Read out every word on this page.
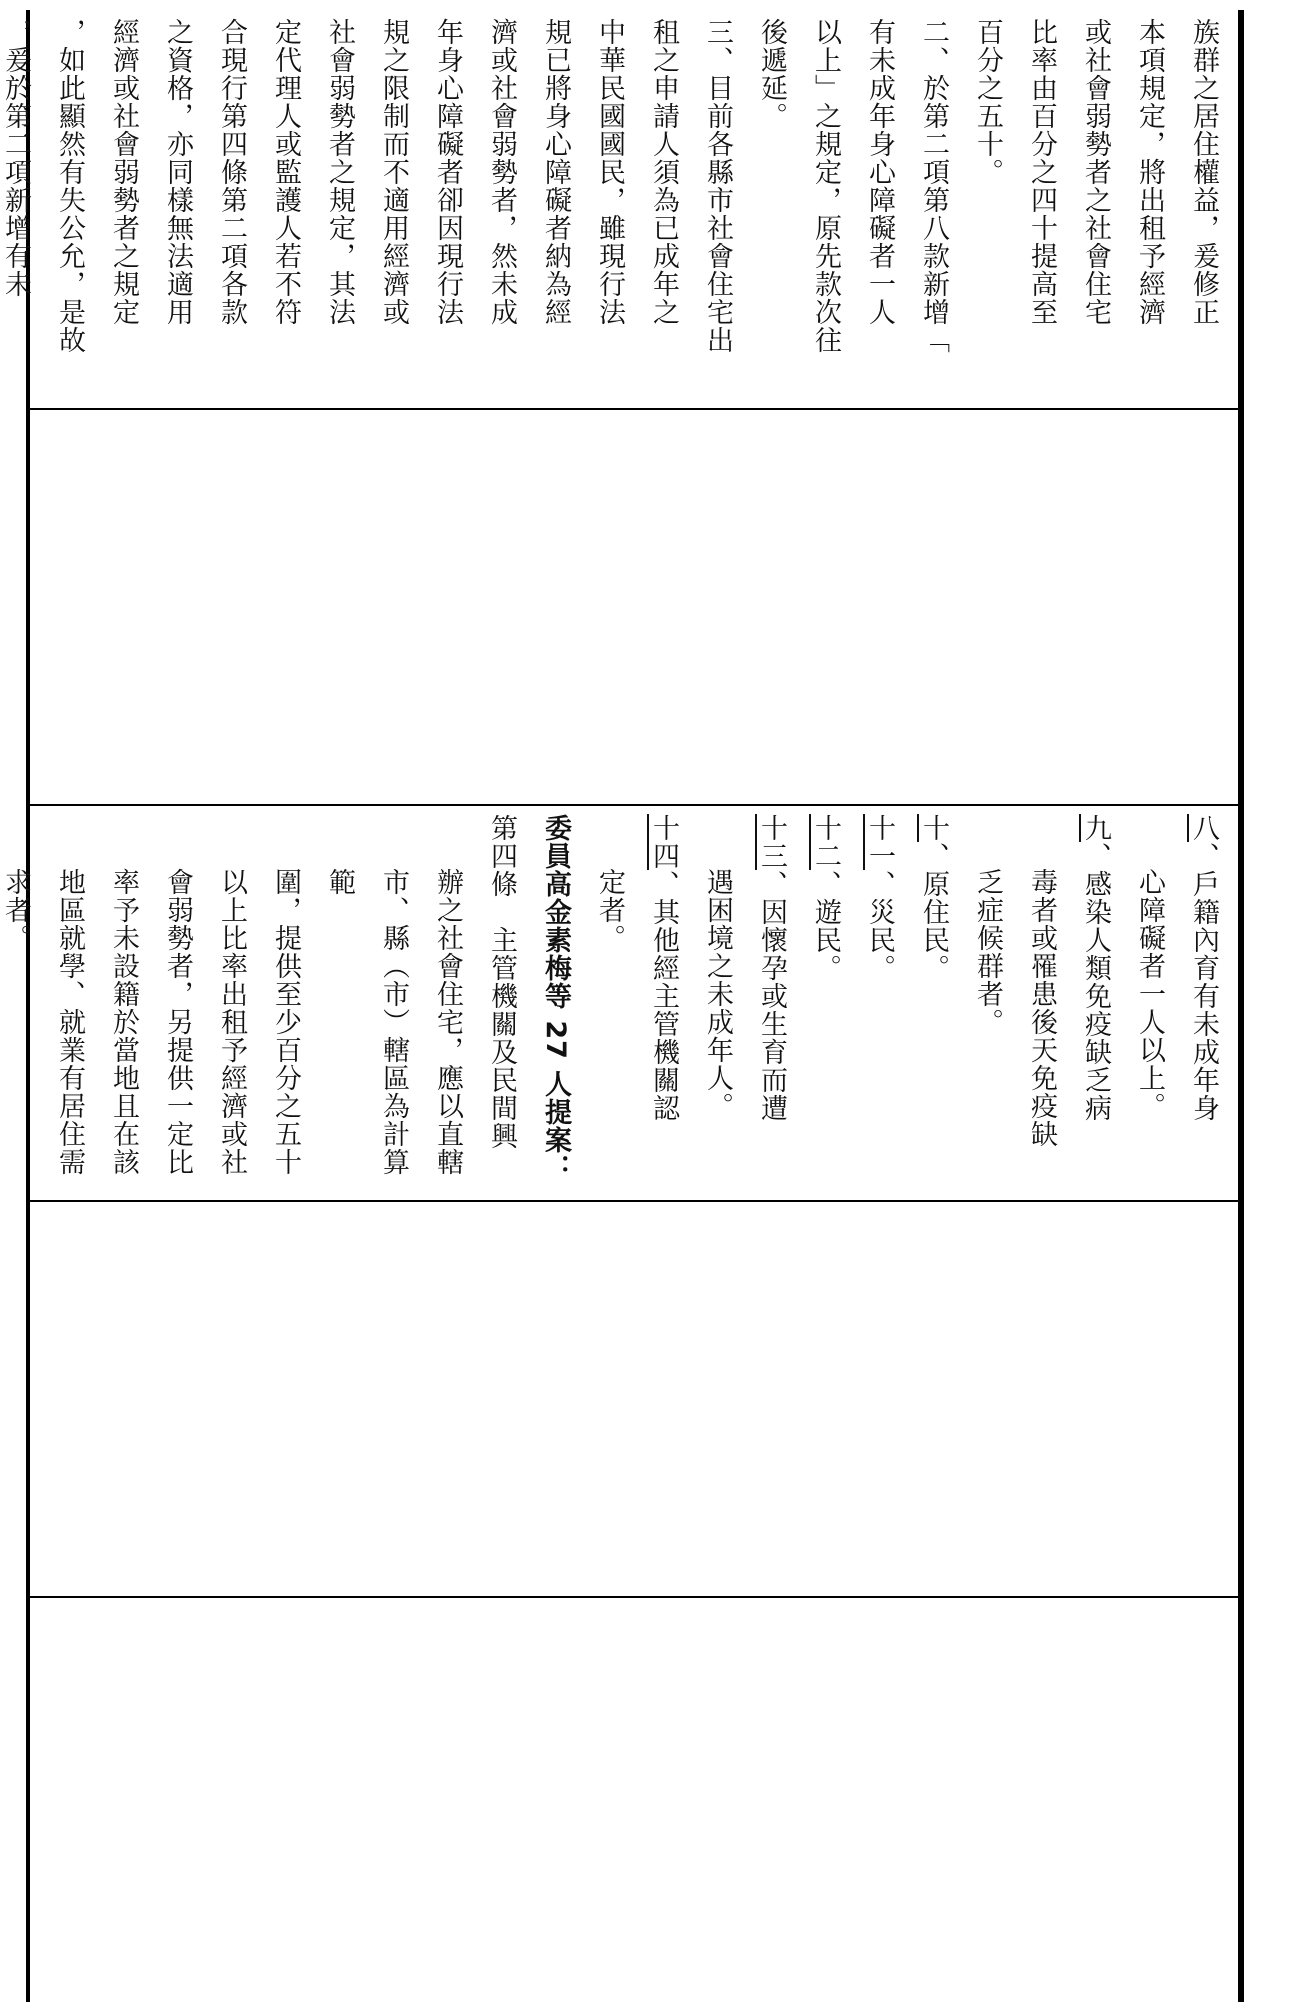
族群之居住權益，爰修正

本項規定，將出租予經濟

或社會弱勢者之社會住宅

比率由百分之四十提高至

百分之五十。

二、於第二項第八款新增「

有未成年身心障礙者一人

以上」之規定，原先款次往

後遞延。

三、目前各縣市社會住宅出

租之申請人須為已成年之

中華民國國民，雖現行法

規已將身心障礙者納為經

濟或社會弱勢者，然未成

年身心障礙者卻因現行法

規之限制而不適用經濟或

社會弱勢者之規定，其法

定代理人或監護人若不符

合現行第四條第二項各款

之資格，亦同樣無法適用

經濟或社會弱勢者之規定

，如此顯然有失公允，是故

，爰於第二項新增有未

八、戶籍內育有未成年身

心障礙者一人以上。

九、感染人類免疫缺乏病

毒者或罹患後天免疫缺

乏症候群者。

十、原住民。

十一、災民。

十二、遊民。

十三、因懷孕或生育而遭

遇困境之未成年人。

十四、其他經主管機關認

定者。

委員高金素梅等 27 人提案：

第四條　主管機關及民間興

辦之社會住宅，應以直轄

市、縣（市）轄區為計算範

圍，提供至少百分之五十

以上比率出租予經濟或社

會弱勢者，另提供一定比

率予未設籍於當地且在該

地區就學、就業有居住需

求者。
